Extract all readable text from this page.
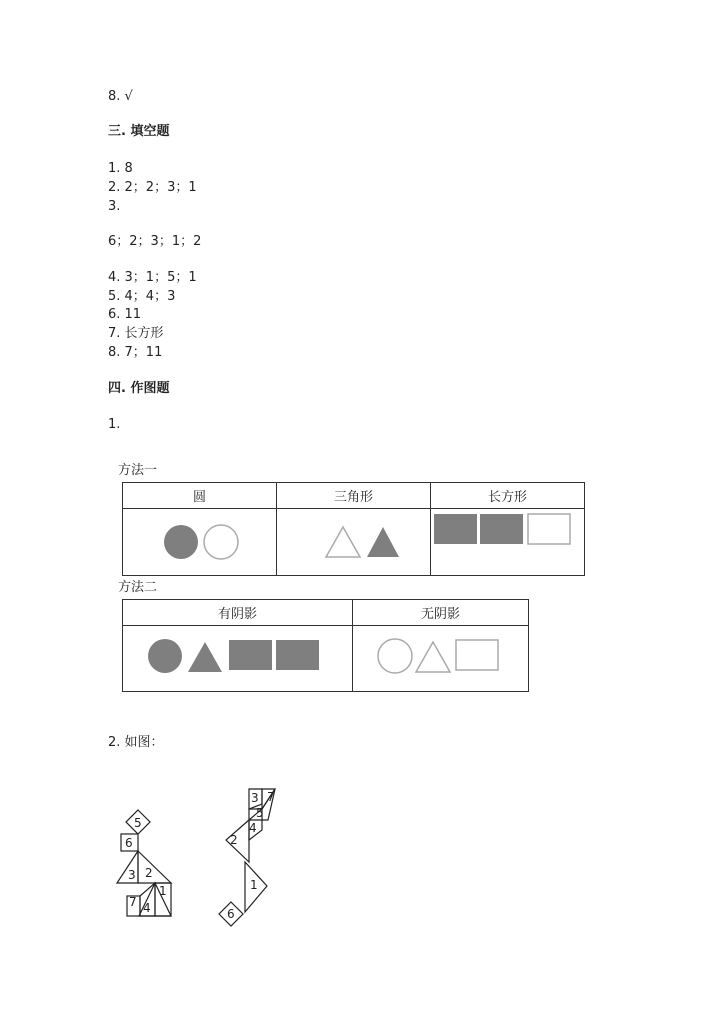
8. √
三. 填空题
1. 8
2. 2；2；3；1
3.
6；2；3；1；2
4. 3；1；5；1
5. 4；4；3
6. 11
7. 长方形
8. 7；11
四. 作图题
1.
方法一
圆	三角形	长方形

方法二
有阴影	无阴影

2. 如图：
5
6
3 2
1
7 4
3 7
5
4
2
1
6
